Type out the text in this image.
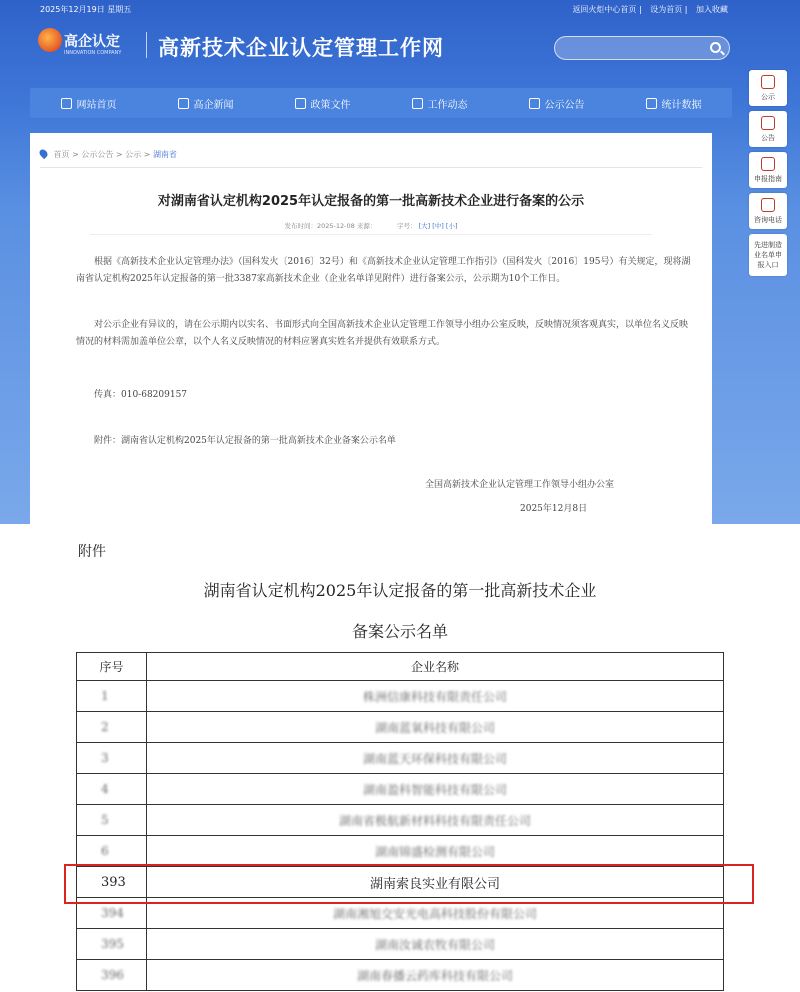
2025年12月19日 星期五	返回火炬中心首页 | 设为首页 | 加入收藏
高企认定
INNOVATION COMPANY 高新技术企业认定管理工作网
网站首页	高企新闻	政策文件	工作动态	公示公告	统计数据
公示
公告
申报指南
咨询电话
先进制造业名单申报入口
首页 > 公示公告 > 公示 > 湖南省
对湖南省认定机构2025年认定报备的第一批高新技术企业进行备案的公示
发布时间：2025-12-08 来源：	字号： [大] [中] [小]
根据《高新技术企业认定管理办法》（国科发火〔2016〕32号）和《高新技术企业认定管理工作指引》（国科发火〔2016〕195号）有关规定，现将湖南省认定机构2025年认定报备的第一批3387家高新技术企业（企业名单详见附件）进行备案公示，公示期为10个工作日。
对公示企业有异议的，请在公示期内以实名、书面形式向全国高新技术企业认定管理工作领导小组办公室反映，反映情况须客观真实，以单位名义反映情况的材料需加盖单位公章，以个人名义反映情况的材料应署真实姓名并提供有效联系方式。
传真：010-68209157
附件：湖南省认定机构2025年认定报备的第一批高新技术企业备案公示名单
全国高新技术企业认定管理工作领导小组办公室
2025年12月8日
附件
湖南省认定机构2025年认定报备的第一批高新技术企业
备案公示名单
序号	企业名称
1	株洲信康科技有限责任公司
2	湖南蓝氧科技有限公司
3	湖南蓝天环保科技有限公司
4	湖南盈科智能科技有限公司
5	湖南省极航新材料科技有限责任公司
6	湖南锦盛检测有限公司
393	湖南索良实业有限公司
394	湖南湘旭交安光电高科技股份有限公司
395	湖南汝诚农牧有限公司
396	湖南春播云药库科技有限公司
